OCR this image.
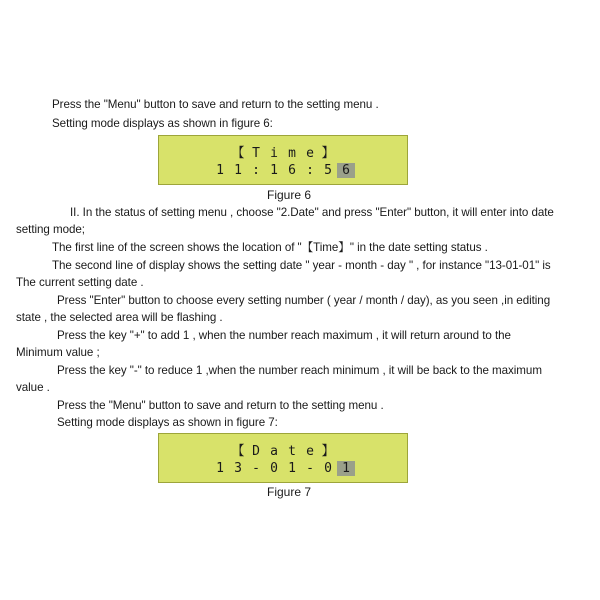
Press the "Menu" button to save and return to the setting menu .
Setting mode displays as shown in figure 6:
【 T i m e 】
1 1 : 1 6 : 5 6
Figure 6
II. In the status of setting menu , choose "2.Date" and press "Enter" button, it will enter into date
setting mode;
The first line of the screen shows the location of "【Time】" in the date setting status .
The second line of display shows the setting date " year - month - day " , for instance "13-01-01" is
The current setting date .
Press "Enter" button to choose every setting number ( year / month / day), as you seen ,in editing
state , the selected area will be flashing .
Press the key "+" to add 1 , when the number reach maximum , it will return around to the
Minimum value ;
Press the key "-" to reduce 1 ,when the number reach minimum , it will be back to the maximum
value .
Press the "Menu" button to save and return to the setting menu .
Setting mode displays as shown in figure 7:
【 D a t e 】
1 3 - 0 1 - 0 1
Figure 7
